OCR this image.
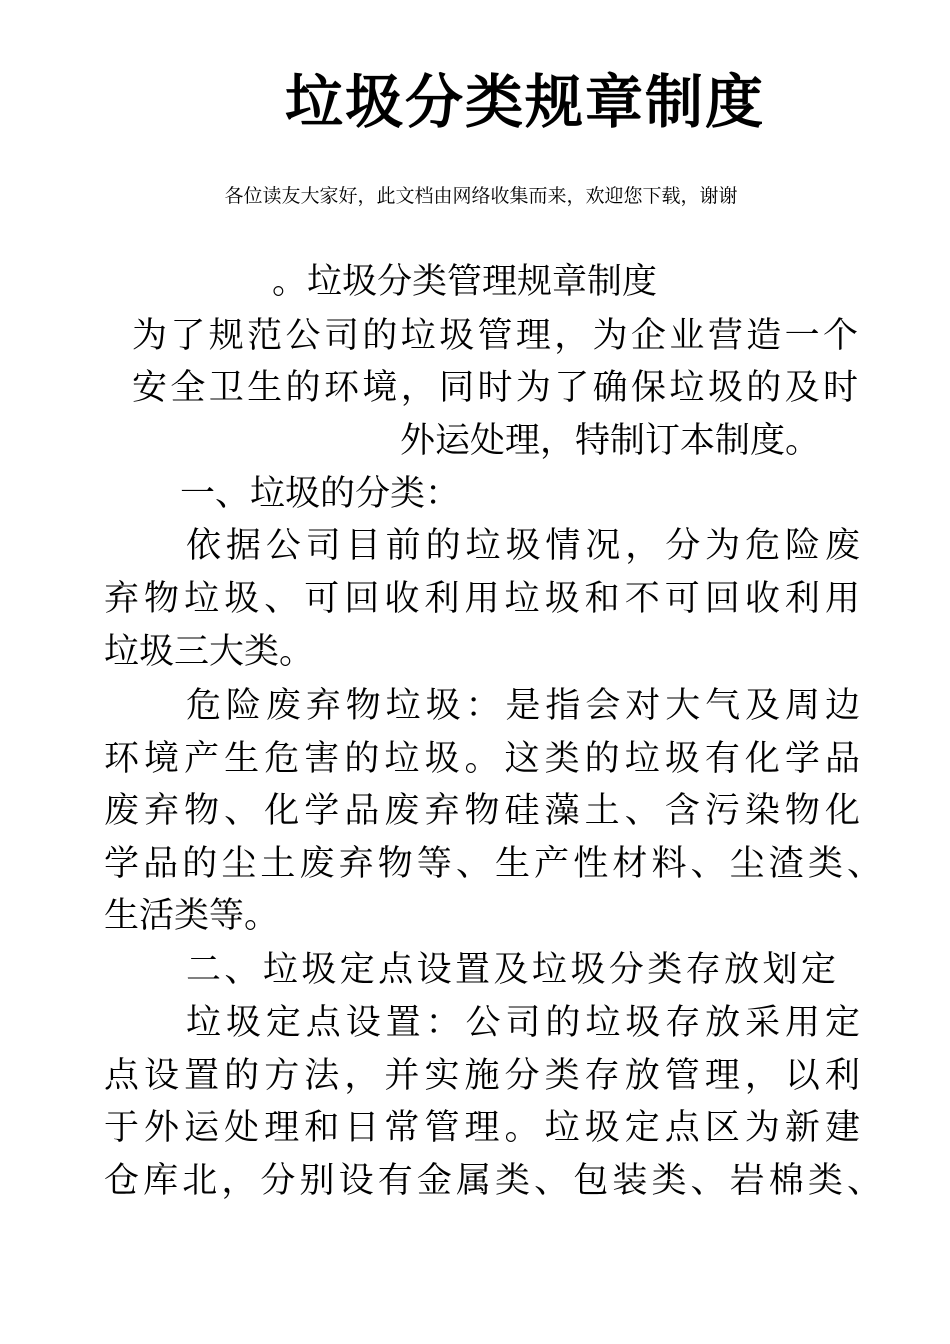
垃圾分类规章制度
各位读友大家好，此文档由网络收集而来，欢迎您下载，谢谢
。垃圾分类管理规章制度
为了规范公司的垃圾管理，为企业营造一个
安全卫生的环境，同时为了确保垃圾的及时
外运处理，特制订本制度。
一、垃圾的分类：
依据公司目前的垃圾情况，分为危险废
弃物垃圾、可回收利用垃圾和不可回收利用
垃圾三大类。
危险废弃物垃圾：是指会对大气及周边
环境产生危害的垃圾。这类的垃圾有化学品
废弃物、化学品废弃物硅藻土、含污染物化
学品的尘土废弃物等、生产性材料、尘渣类、
生活类等。
二、垃圾定点设置及垃圾分类存放划定
垃圾定点设置：公司的垃圾存放采用定
点设置的方法，并实施分类存放管理，以利
于外运处理和日常管理。垃圾定点区为新建
仓库北，分别设有金属类、包装类、岩棉类、
